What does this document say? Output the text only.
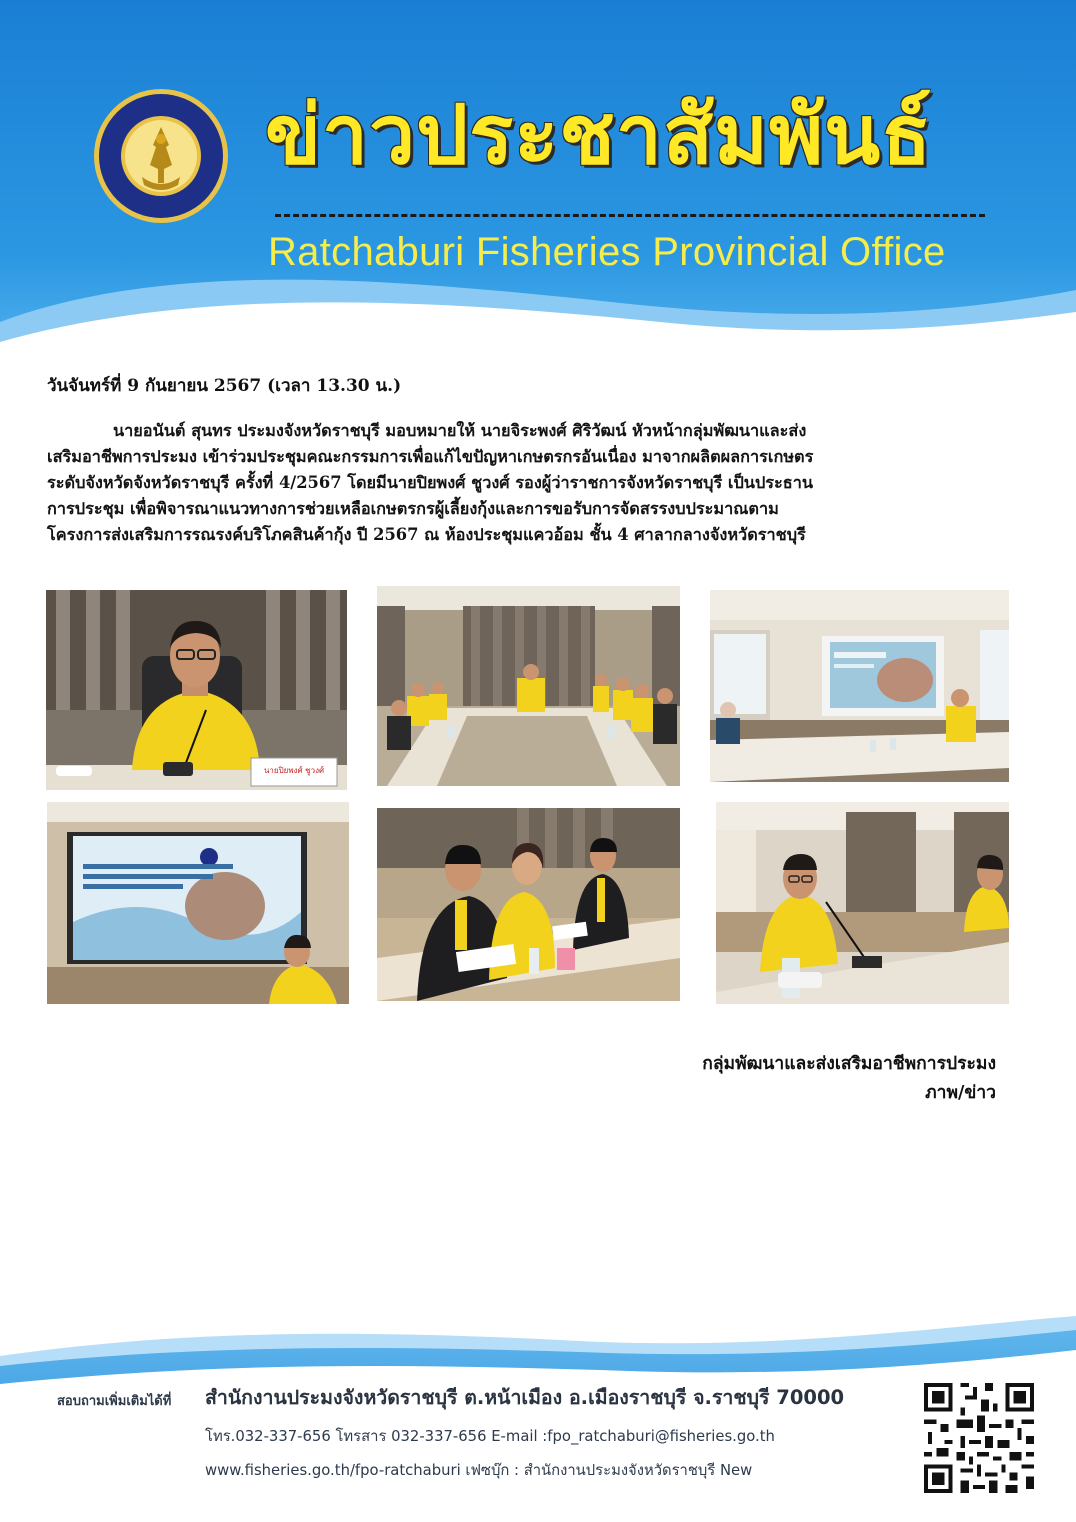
ข่าวประชาสัมพันธ์
Ratchaburi Fisheries Provincial Office
วันจันทร์ที่ 9 กันยายน 2567 (เวลา 13.30 น.)
นายอนันต์ สุนทร ประมงจังหวัดราชบุรี มอบหมายให้ นายจิระพงศ์ ศิริวัฒน์ หัวหน้ากลุ่มพัฒนาและส่ง
เสริมอาชีพการประมง เข้าร่วมประชุมคณะกรรมการเพื่อแก้ไขปัญหาเกษตรกรอันเนื่อง มาจากผลิตผลการเกษตร
ระดับจังหวัดจังหวัดราชบุรี ครั้งที่ 4/2567 โดยมีนายปิยพงศ์ ชูวงศ์ รองผู้ว่าราชการจังหวัดราชบุรี เป็นประธาน
การประชุม เพื่อพิจารณาแนวทางการช่วยเหลือเกษตรกรผู้เลี้ยงกุ้งและการขอรับการจัดสรรงบประมาณตาม
โครงการส่งเสริมการรณรงค์บริโภคสินค้ากุ้ง ปี 2567 ณ ห้องประชุมแควอ้อม ชั้น 4 ศาลากลางจังหวัดราชบุรี
นายปิยพงศ์ ชูวงศ์
กลุ่มพัฒนาและส่งเสริมอาชีพการประมง
ภาพ/ข่าว
สอบถามเพิ่มเติมได้ที่ สำนักงานประมงจังหวัดราชบุรี ต.หน้าเมือง อ.เมืองราชบุรี จ.ราชบุรี 70000
โทร.032-337-656 โทรสาร 032-337-656 E-mail :fpo_ratchaburi@fisheries.go.th
www.fisheries.go.th/fpo-ratchaburi เฟซบุ๊ก : สำนักงานประมงจังหวัดราชบุรี New
